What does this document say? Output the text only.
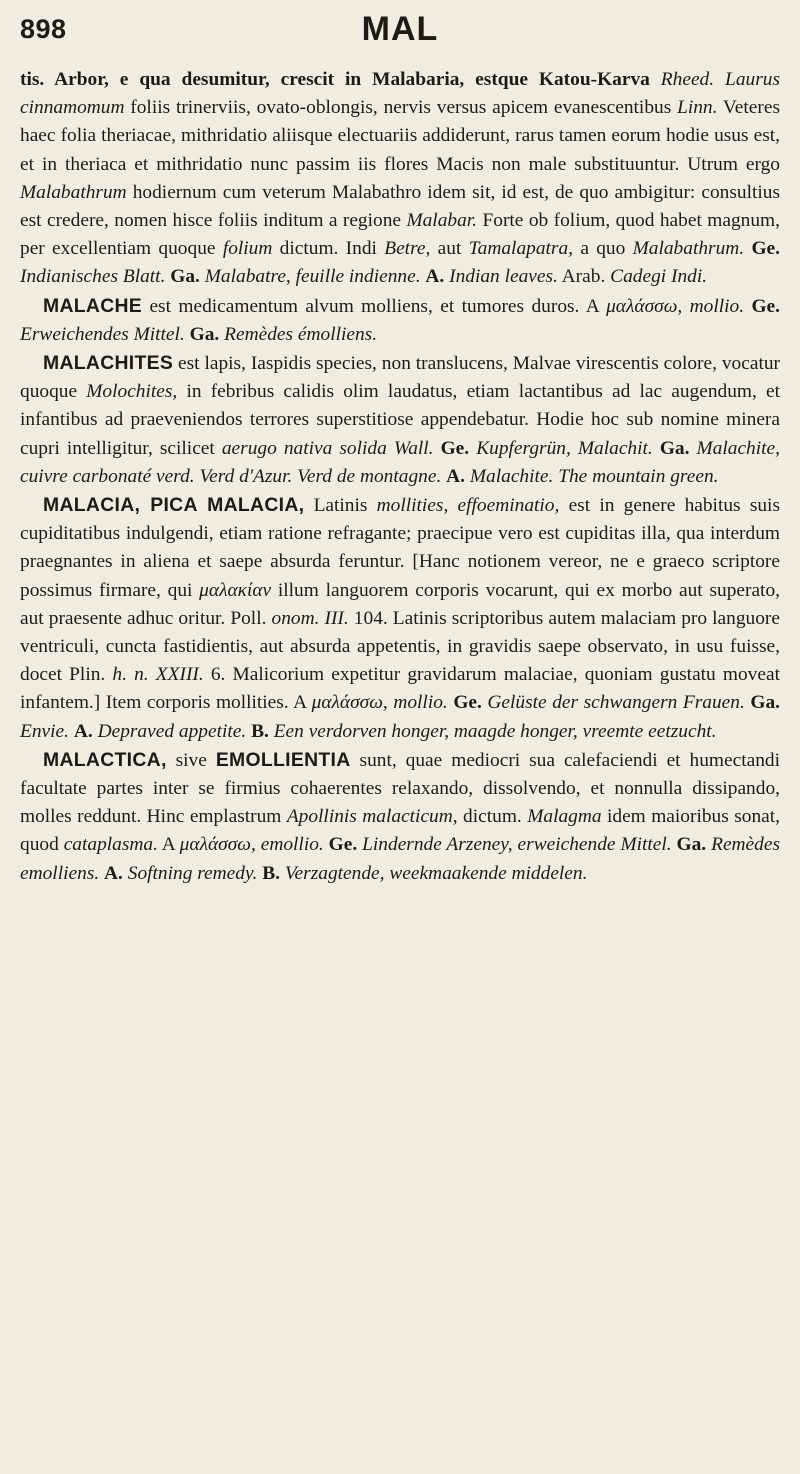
898	MAL

tis. Arbor, e qua desumitur, crescit in Malabaria, estque Katou-Karva Rheed. Laurus cinnamomum foliis trinerviis, ovato-oblongis, nervis versus apicem evanescentibus Linn. Veteres haec folia theriacae, mithridatio aliisque electuariis addiderunt, rarus tamen eorum hodie usus est, et in theriaca et mithridatio nunc passim iis flores Macis non male substituuntur. Utrum ergo Malabathrum hodiernum cum veterum Malabathro idem sit, id est, de quo ambigitur: consultius est credere, nomen hisce foliis inditum a regione Malabar. Forte ob folium, quod habet magnum, per excellentiam quoque folium dictum. Indi Betre, aut Tamalapatra, a quo Malabathrum. Ge. Indianisches Blatt. Ga. Malabatre, feuille indienne. A. Indian leaves. Arab. Cadegi Indi.

MALACHE est medicamentum alvum molliens, et tumores duros. A μαλάσσω, mollio. Ge. Erweichendes Mittel. Ga. Remèdes émolliens.

MALACHITES est lapis, Iaspidis species, non translucens, Malvae virescentis colore, vocatur quoque Molochites, in febribus calidis olim laudatus, etiam lactantibus ad lac augendum, et infantibus ad praeveniendos terrores superstitiose appendebatur. Hodie hoc sub nomine minera cupri intelligitur, scilicet aerugo nativa solida Wall. Ge. Kupfergrün, Malachit. Ga. Malachite, cuivre carbonaté verd. Verd d'Azur. Verd de montagne. A. Malachite. The mountain green.

MALACIA, PICA MALACIA, Latinis mollities, effoeminatio, est in genere habitus suis cupiditatibus indulgendi, etiam ratione refragante; praecipue vero est cupiditas illa, qua interdum praegnantes in aliena et saepe absurda feruntur. [Hanc notionem vereor, ne e graeco scriptore possimus firmare, qui μαλακίαν illum languorem corporis vocarunt, qui ex morbo aut superato, aut praesente adhuc oritur. Poll. onom. III. 104. Latinis scriptoribus autem malaciam pro languore ventriculi, cuncta fastidientis, aut absurda appetentis, in gravidis saepe observato, in usu fuisse, docet Plin. h. n. XXIII. 6. Malicorium expetitur gravidarum malaciae, quoniam gustatu moveat infantem.] Item corporis mollities. A μαλάσσω, mollio. Ge. Gelüste der schwangern Frauen. Ga. Envie. A. Depraved appetite. B. Een verdorven honger, maagde honger, vreemte eetzucht.

MALACTICA, sive EMOLLIENTIA sunt, quae mediocri sua calefaciendi et humectandi facultate partes inter se firmius cohaerentes relaxando, dissolvendo, et nonnulla dissipando, molles reddunt. Hinc emplastrum Apollinis malacticum, dictum. Malagma idem maioribus sonat, quod cataplasma. A μαλάσσω, emollio. Ge. Lindernde Arzeney, erweichende Mittel. Ga. Remèdes emolliens. A. Softning remedy. B. Verzagtende, weekmaakende middelen.
